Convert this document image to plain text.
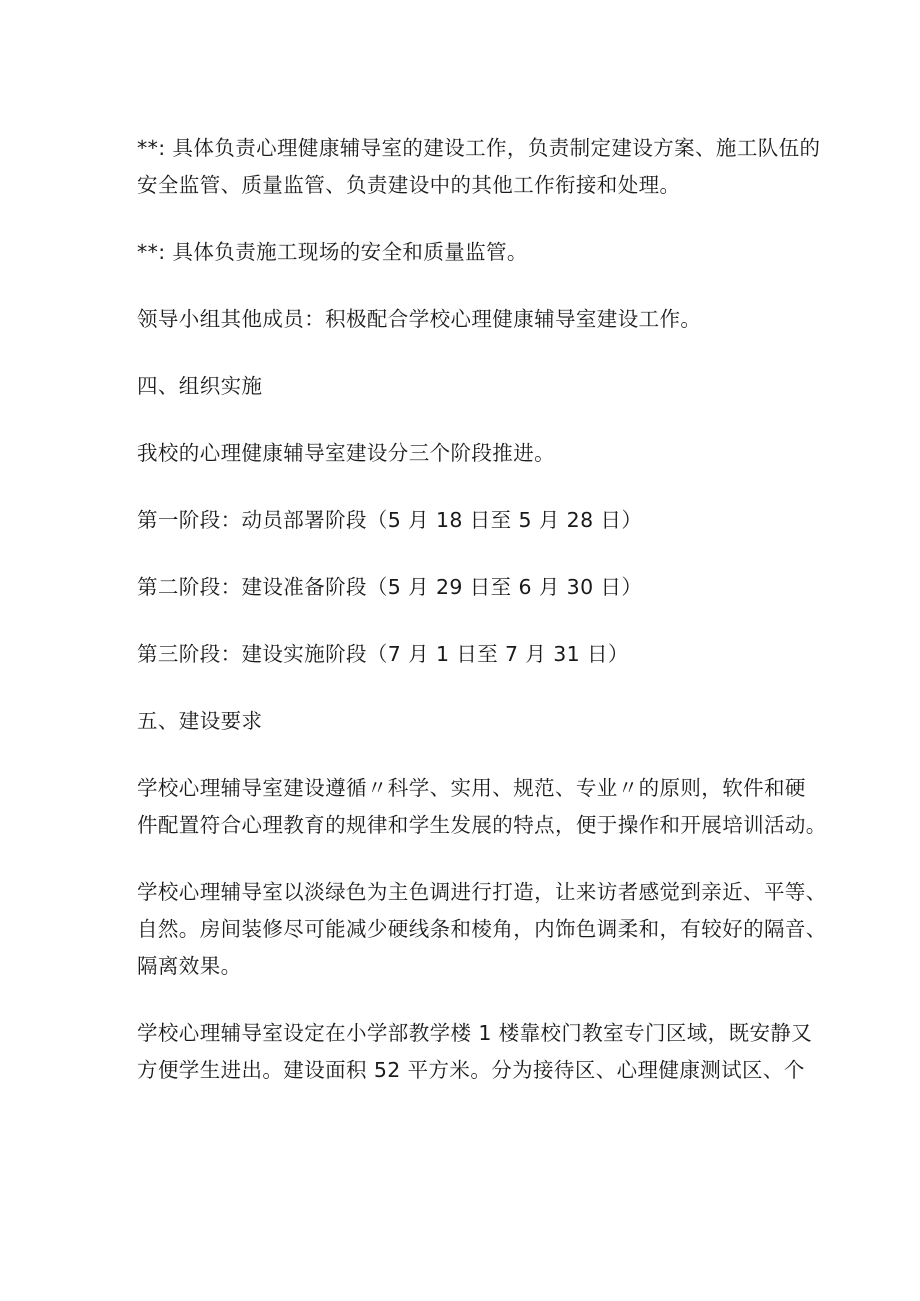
**: 具体负责心理健康辅导室的建设工作，负责制定建设方案、施工队伍的
安全监管、质量监管、负责建设中的其他工作衔接和处理。

**: 具体负责施工现场的安全和质量监管。

领导小组其他成员：积极配合学校心理健康辅导室建设工作。

四、组织实施

我校的心理健康辅导室建设分三个阶段推进。

第一阶段：动员部署阶段（5 月 18 日至 5 月 28 日）

第二阶段：建设准备阶段（5 月 29 日至 6 月 30 日）

第三阶段：建设实施阶段（7 月 1 日至 7 月 31 日）

五、建设要求

学校心理辅导室建设遵循〃科学、实用、规范、专业〃的原则，软件和硬
件配置符合心理教育的规律和学生发展的特点，便于操作和开展培训活动。

学校心理辅导室以淡绿色为主色调进行打造，让来访者感觉到亲近、平等、
自然。房间装修尽可能减少硬线条和棱角，内饰色调柔和，有较好的隔音、
隔离效果。

学校心理辅导室设定在小学部教学楼 1 楼靠校门教室专门区域，既安静又
方便学生进出。建设面积 52 平方米。分为接待区、心理健康测试区、个
